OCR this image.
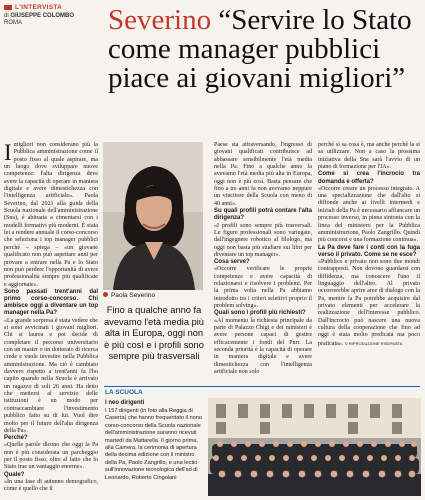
L'INTERVISTA
di GIUSEPPE COLOMBO
ROMA	Severino “Servire lo Stato come manager pubblici piace ai giovani migliori”

Imigliori non considerano più la Pubblica amministrazione come il posto fisso al quale aspirare, ma un luogo dove sviluppare nuove competenze: l'alta dirigenza deve avere la capacità di operare in maniera digitale e avere dimestichezza con l'intelligenza artificiale». Paola Severino, dal 2021 alla guida della Scuola nazionale dell'amministrazione (Sna), è abituata a cimentarsi con i modelli formativi più moderni. È stata lei a rendere annuale il corso-concorso che seleziona i top manager pubblici perché – spiega – «un giovane qualificato non può aspettare anni per provare a entrare nella Pa e lo Stato non può perdere l'opportunità di avere professionalità sempre più qualificate e aggiornate».

Sono passati trent'anni dal primo corso-concorso. Chi ambisce oggi a diventare un top manager nella Pa?

«La grande sorpresa è stata vedere che si sono avvicinati i giovani migliori. Chi si laurea e poi decide di completare il percorso universitario con un master o un dottorato di ricerca crede e vuole investire nella Pubblica amministrazione. Ma ciò è cambiato davvero rispetto a trent'anni fa l'ho capito quando nella Scuola è arrivato un ragazzo di soli 26 anni. Ha detto che mettersi al servizio delle istituzioni è un modo per contraccambiare l'investimento pubblico fatto su di lui. Vuol dire molto per il futuro dell'alta dirigenza della Pa».

Perché?

«Quelle parole dicono che oggi la Pa non è più considerata un parcheggio per il posto fisso, oltre al fatto che lo Stato trae un vantaggio enorme».

Quale?

«In una fase di autunno demografico, come è quello che il

Paola Severino
Fino a qualche anno fa avevamo l'età media più alta in Europa, oggi non è più così e i profili sono sempre più trasversali

Paese sta attraversando, l'ingresso di giovani qualificati contribuisce ad abbassare sensibilmente l'età media nella Pa. Fino a qualche anno fa avevamo l'età media più alta in Europa, oggi non è più così. Basta pensare che fino a tre anni fa non avevamo neppure un vincitore della Scuola con meno di 40 anni».

Su quali profili potrà contare l'alta dirigenza?

«I profili sono sempre più trasversali. Le figure professionali sono variegate, dall'ingegnere robotico al filologo, ma oggi non basta più studiare sui libri per diventare un top manager».

Cosa serve?

«Occorre verificare le proprie competenze e avere capacità di relazionarsi e risolvere i problemi. Per la prima volta nella Pa abbiamo introdotto tra i criteri selettivi proprio il problem solving».

Quali sono i profili più richiesti?

«Al momento la richiesta principale da parte di Palazzo Chigi e dei ministeri è avere persone capaci di gestire efficacemente i fondi del Pnrr. La seconda priorità è la capacità di operare in maniera digitale e avere dimestichezza con l'intelligenza artificiale non solo

perché sì sa cosa è, ma anche perché la si sa utilizzare. Non a caso la prossima iniziativa della Sna sarà l'avvio di un piano di formazione per l'IA».

Come si crea l'incrocio tra domanda e offerta?

«Occorre creare un processo integrato. A una specializzazione che dall'alto si diffonde anche ai livelli intermedi e iniziali della Pa è necessario affiancare un processo inverso, in piena sintonia con la linea del ministero per la Pubblica amministrazione, Paolo Zangrillo. Quindi più concorsi e una formazione continua».

La Pa deve fare i conti con la fuga verso il privato. Come se ne esce?

«Pubblico e privato non sono due mondi contrapposti. Non dovono guardarsi con diffidenza, ma conoscere l'uno il linguaggio dell'altro. Al privato occorrerebbe aprire aree di dialogo con la Pa, mentre la Pa potrebbe acquisire dal privato elementi per accelerare la realizzazione dell'interesse pubblico. Dall'incrocio può nascere una nuova cultura della cooperazione che fino ad oggi è stata molto predicata ma poco praticata». © RIPRODUZIONE RISERVATA

LA SCUOLA
I neo dirigenti
I 157 dirigenti (in foto alla Reggia di Caserta) che hanno frequentato il nono corso-concorso della Scuola nazionale dell'amministrazione saranno ricevuti martedì da Mattarella. Il giorno prima, alla Camera, la cerimonia di apertura della decima edizione con il ministro della Pa, Paolo Zangrillo, e una lectio sull'innovazione tecnologica dell'ad di Leonardo, Roberto Cingolani
